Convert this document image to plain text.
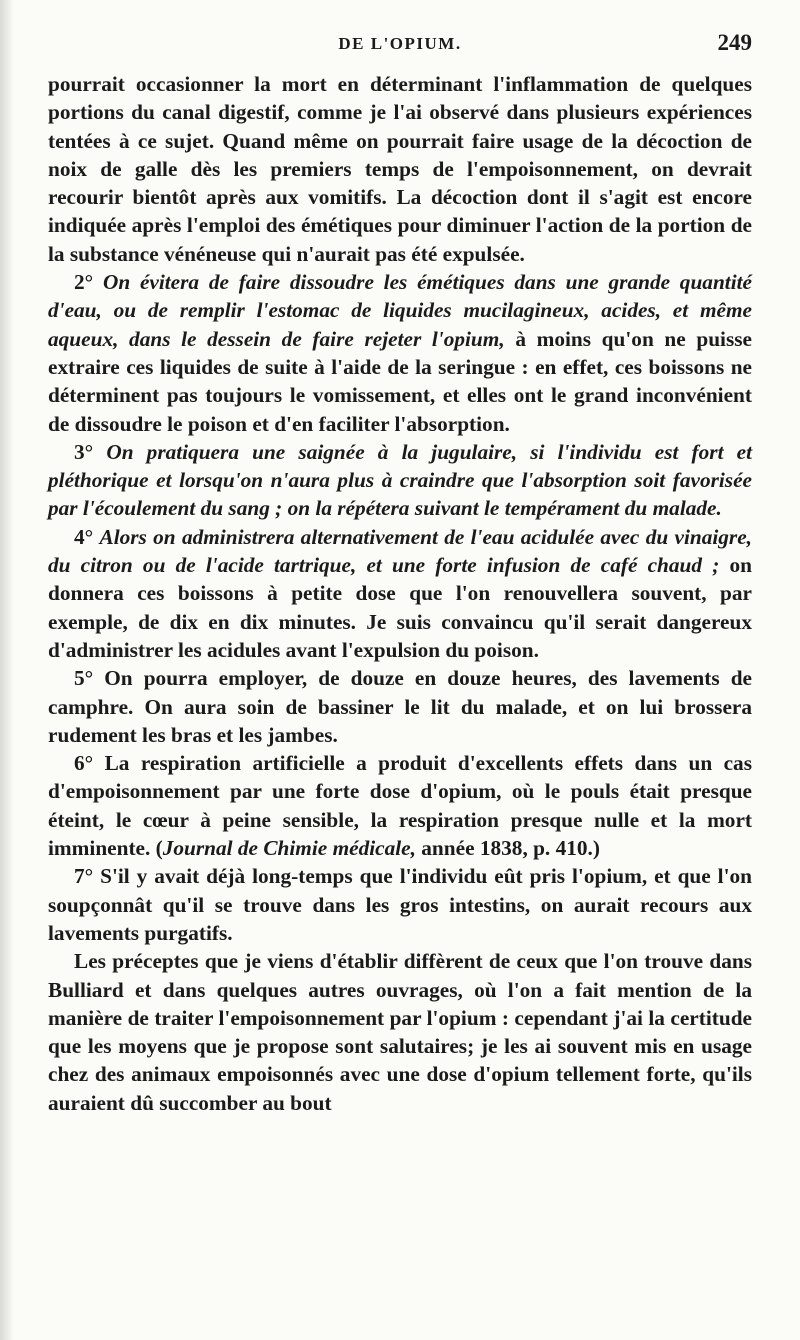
DE L'OPIUM.	249

pourrait occasionner la mort en déterminant l'inflammation de quelques portions du canal digestif, comme je l'ai observé dans plusieurs expériences tentées à ce sujet. Quand même on pourrait faire usage de la décoction de noix de galle dès les premiers temps de l'empoisonnement, on devrait recourir bientôt après aux vomitifs. La décoction dont il s'agit est encore indiquée après l'emploi des émétiques pour diminuer l'action de la portion de la substance vénéneuse qui n'aurait pas été expulsée.

2° On évitera de faire dissoudre les émétiques dans une grande quantité d'eau, ou de remplir l'estomac de liquides mucilagineux, acides, et même aqueux, dans le dessein de faire rejeter l'opium, à moins qu'on ne puisse extraire ces liquides de suite à l'aide de la seringue : en effet, ces boissons ne déterminent pas toujours le vomissement, et elles ont le grand inconvénient de dissoudre le poison et d'en faciliter l'absorption.

3° On pratiquera une saignée à la jugulaire, si l'individu est fort et pléthorique et lorsqu'on n'aura plus à craindre que l'absorption soit favorisée par l'écoulement du sang ; on la répétera suivant le tempérament du malade.

4° Alors on administrera alternativement de l'eau acidulée avec du vinaigre, du citron ou de l'acide tartrique, et une forte infusion de café chaud ; on donnera ces boissons à petite dose que l'on renouvellera souvent, par exemple, de dix en dix minutes. Je suis convaincu qu'il serait dangereux d'administrer les acidules avant l'expulsion du poison.

5° On pourra employer, de douze en douze heures, des lavements de camphre. On aura soin de bassiner le lit du malade, et on lui brossera rudement les bras et les jambes.

6° La respiration artificielle a produit d'excellents effets dans un cas d'empoisonnement par une forte dose d'opium, où le pouls était presque éteint, le cœur à peine sensible, la respiration presque nulle et la mort imminente. (Journal de Chimie médicale, année 1838, p. 410.)

7° S'il y avait déjà long-temps que l'individu eût pris l'opium, et que l'on soupçonnât qu'il se trouve dans les gros intestins, on aurait recours aux lavements purgatifs.

Les préceptes que je viens d'établir diffèrent de ceux que l'on trouve dans Bulliard et dans quelques autres ouvrages, où l'on a fait mention de la manière de traiter l'empoisonnement par l'opium : cependant j'ai la certitude que les moyens que je propose sont salutaires; je les ai souvent mis en usage chez des animaux empoisonnés avec une dose d'opium tellement forte, qu'ils auraient dû succomber au bout
